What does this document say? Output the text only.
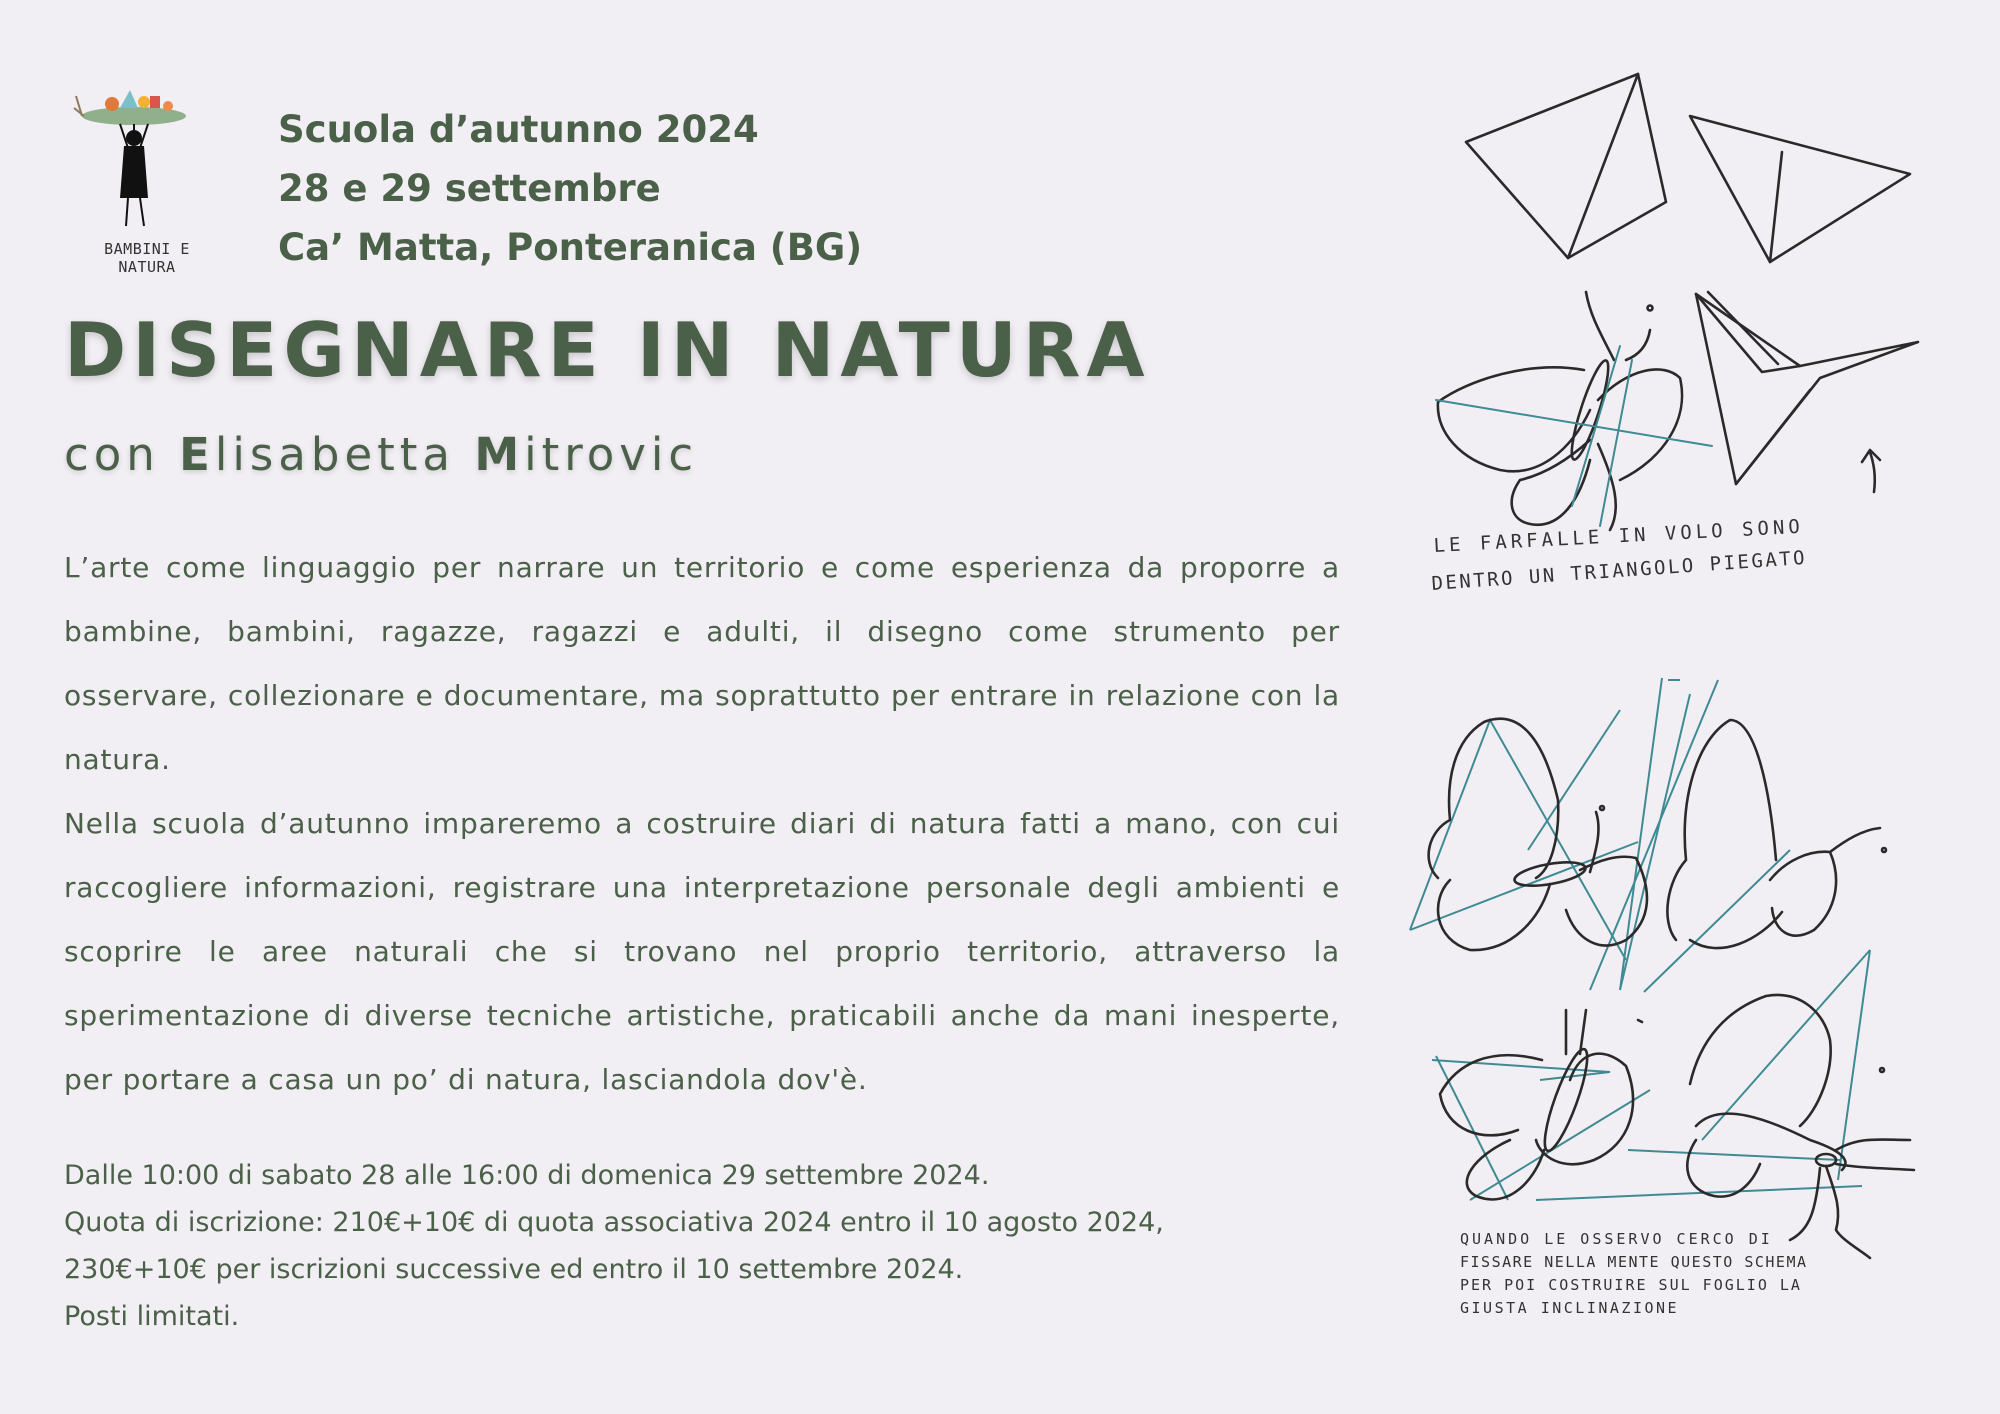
BAMBINI E NATURA
Scuola d’autunno 2024
28 e 29 settembre
Ca’ Matta, Ponteranica (BG)
DISEGNARE IN NATURA
con Elisabetta Mitrovic

L’arte come linguaggio per narrare un territorio e come esperienza da proporre a bambine, bambini, ragazze, ragazzi e adulti, il disegno come strumento per osservare, collezionare e documentare, ma soprattutto per entrare in relazione con la natura.

Nella scuola d’autunno impareremo a costruire diari di natura fatti a mano, con cui raccogliere informazioni, registrare una interpretazione personale degli ambienti e scoprire le aree naturali che si trovano nel proprio territorio, attraverso la sperimentazione di diverse tecniche artistiche, praticabili anche da mani inesperte, per portare a casa un po’ di natura, lasciandola dov'è.

Dalle 10:00 di sabato 28 alle 16:00 di domenica 29 settembre 2024.
Quota di iscrizione: 210€+10€ di quota associativa 2024 entro il 10 agosto 2024,
230€+10€ per iscrizioni successive ed entro il 10 settembre 2024.
Posti limitati.
LE FARFALLE IN VOLO SONO
DENTRO UN TRIANGOLO PIEGATO
QUANDO LE OSSERVO CERCO DI
FISSARE NELLA MENTE QUESTO SCHEMA
PER POI COSTRUIRE SUL FOGLIO LA
GIUSTA INCLINAZIONE
